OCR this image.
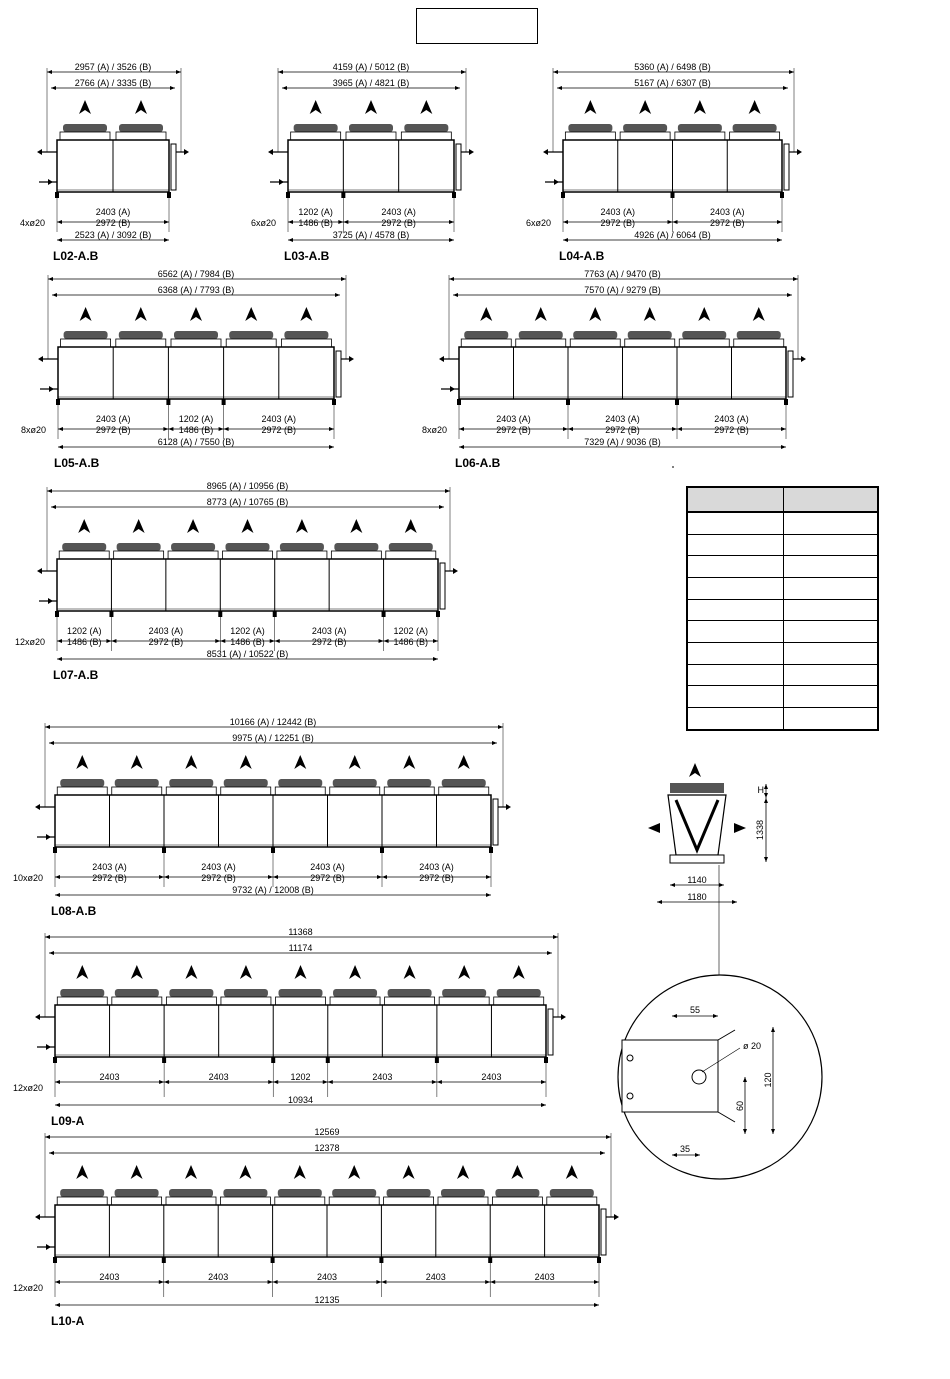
2957 (A) / 3526 (B)
2766 (A) / 3335 (B)
2403 (A)
2972 (B)
4xø20
2523 (A) / 3092 (B)
L02-A.B
4159 (A) / 5012 (B)
3965 (A) / 4821 (B)
1202 (A)
1486 (B)
2403 (A)
2972 (B)
6xø20
3725 (A) / 4578 (B)
L03-A.B
5360 (A) / 6498 (B)
5167 (A) / 6307 (B)
2403 (A)
2972 (B)
2403 (A)
2972 (B)
6xø20
4926 (A) / 6064 (B)
L04-A.B
6562 (A) / 7984 (B)
6368 (A) / 7793 (B)
2403 (A)
2972 (B)
1202 (A)
1486 (B)
2403 (A)
2972 (B)
8xø20
6128 (A) / 7550 (B)
L05-A.B
7763 (A) / 9470 (B)
7570 (A) / 9279 (B)
2403 (A)
2972 (B)
2403 (A)
2972 (B)
2403 (A)
2972 (B)
8xø20
7329 (A) / 9036 (B)
L06-A.B
8965 (A) / 10956 (B)
8773 (A) / 10765 (B)
1202 (A)
1486 (B)
2403 (A)
2972 (B)
1202 (A)
1486 (B)
2403 (A)
2972 (B)
1202 (A)
1486 (B)
12xø20
8531 (A) / 10522 (B)
L07-A.B
10166 (A) / 12442 (B)
9975 (A) / 12251 (B)
2403 (A)
2972 (B)
2403 (A)
2972 (B)
2403 (A)
2972 (B)
2403 (A)
2972 (B)
10xø20
9732 (A) / 12008 (B)
L08-A.B
11368
11174
2403	2403	1202	2403	2403
12xø20
10934
L09-A
12569
12378
2403	2403	2403	2403	2403
12xø20
12135
L10-A
H
1338
1140
1180
55
ø 20
120
60
35
